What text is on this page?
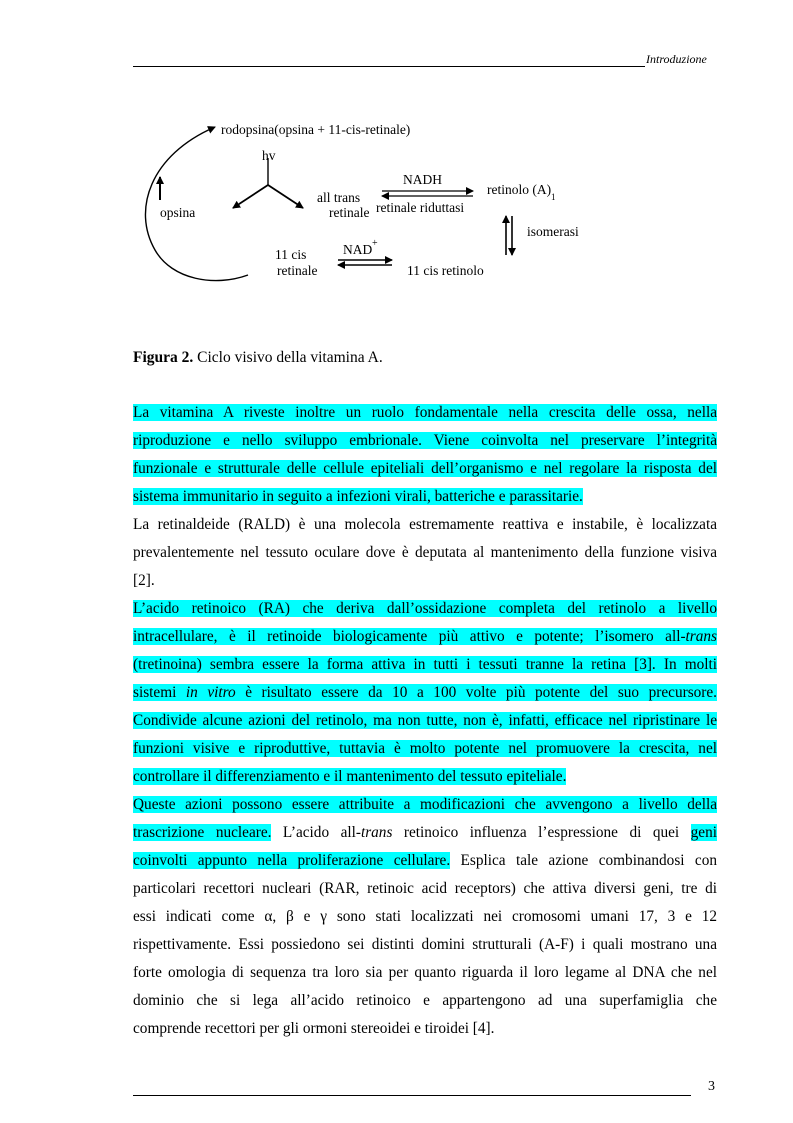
Introduzione
rodopsina(opsina + 11-cis-retinale)
hv
opsina
all trans
retinale
NADH
retinale riduttasi
retinolo (A) 1
isomerasi
11 cis
retinale
NAD +
11 cis retinolo
Figura 2. Ciclo visivo della vitamina A.
La vitamina A riveste inoltre un ruolo fondamentale nella crescita delle ossa, nella
riproduzione e nello sviluppo embrionale. Viene coinvolta nel preservare l’integrità
funzionale e strutturale delle cellule epiteliali dell’organismo e nel regolare la risposta del
sistema immunitario in seguito a infezioni virali, batteriche e parassitarie.
La retinaldeide (RALD) è una molecola estremamente reattiva e instabile, è localizzata
prevalentemente nel tessuto oculare dove è deputata al mantenimento della funzione visiva
[2].
L’acido retinoico (RA) che deriva dall’ossidazione completa del retinolo a livello
intracellulare, è il retinoide biologicamente più attivo e potente; l’isomero all-trans
(tretinoina) sembra essere la forma attiva in tutti i tessuti tranne la retina [3]. In molti
sistemi in vitro è risultato essere da 10 a 100 volte più potente del suo precursore.
Condivide alcune azioni del retinolo, ma non tutte, non è, infatti, efficace nel ripristinare le
funzioni visive e riproduttive, tuttavia è molto potente nel promuovere la crescita, nel
controllare il differenziamento e il mantenimento del tessuto epiteliale.
Queste azioni possono essere attribuite a modificazioni che avvengono a livello della
trascrizione nucleare. L’acido all-trans retinoico influenza l’espressione di quei geni
coinvolti appunto nella proliferazione cellulare. Esplica tale azione combinandosi con
particolari recettori nucleari (RAR, retinoic acid receptors) che attiva diversi geni, tre di
essi indicati come α, β e γ sono stati localizzati nei cromosomi umani 17, 3 e 12
rispettivamente. Essi possiedono sei distinti domini strutturali (A-F) i quali mostrano una
forte omologia di sequenza tra loro sia per quanto riguarda il loro legame al DNA che nel
dominio che si lega all’acido retinoico e appartengono ad una superfamiglia che
comprende recettori per gli ormoni stereoidei e tiroidei [4].
3
